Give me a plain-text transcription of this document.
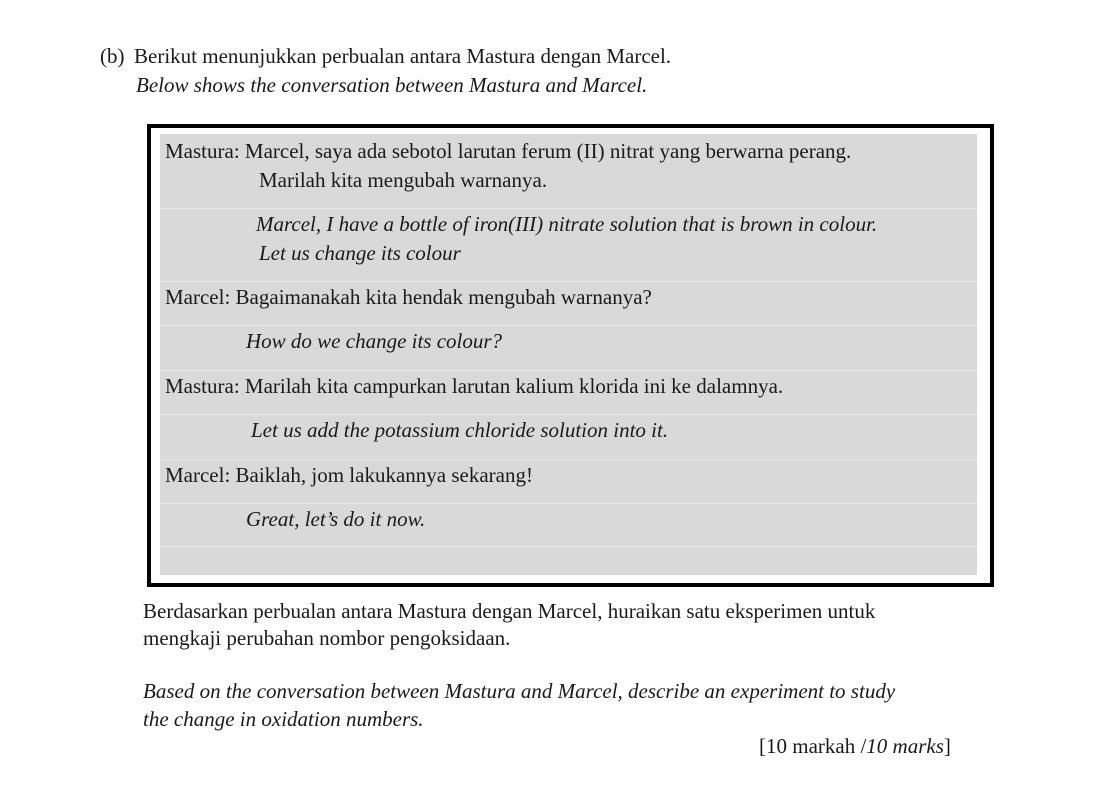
(b) Berikut menunjukkan perbualan antara Mastura dengan Marcel.
Below shows the conversation between Mastura and Marcel.
Mastura: Marcel, saya ada sebotol larutan ferum (II) nitrat yang berwarna perang.
Marilah kita mengubah warnanya.
Marcel, I have a bottle of iron(III) nitrate solution that is brown in colour.
Let us change its colour
Marcel: Bagaimanakah kita hendak mengubah warnanya?
How do we change its colour?
Mastura: Marilah kita campurkan larutan kalium klorida ini ke dalamnya.
Let us add the potassium chloride solution into it.
Marcel: Baiklah, jom lakukannya sekarang!
Great, let’s do it now.
Berdasarkan perbualan antara Mastura dengan Marcel, huraikan satu eksperimen untuk
mengkaji perubahan nombor pengoksidaan.
Based on the conversation between Mastura and Marcel, describe an experiment to study
the change in oxidation numbers.
[10 markah /10 marks]
